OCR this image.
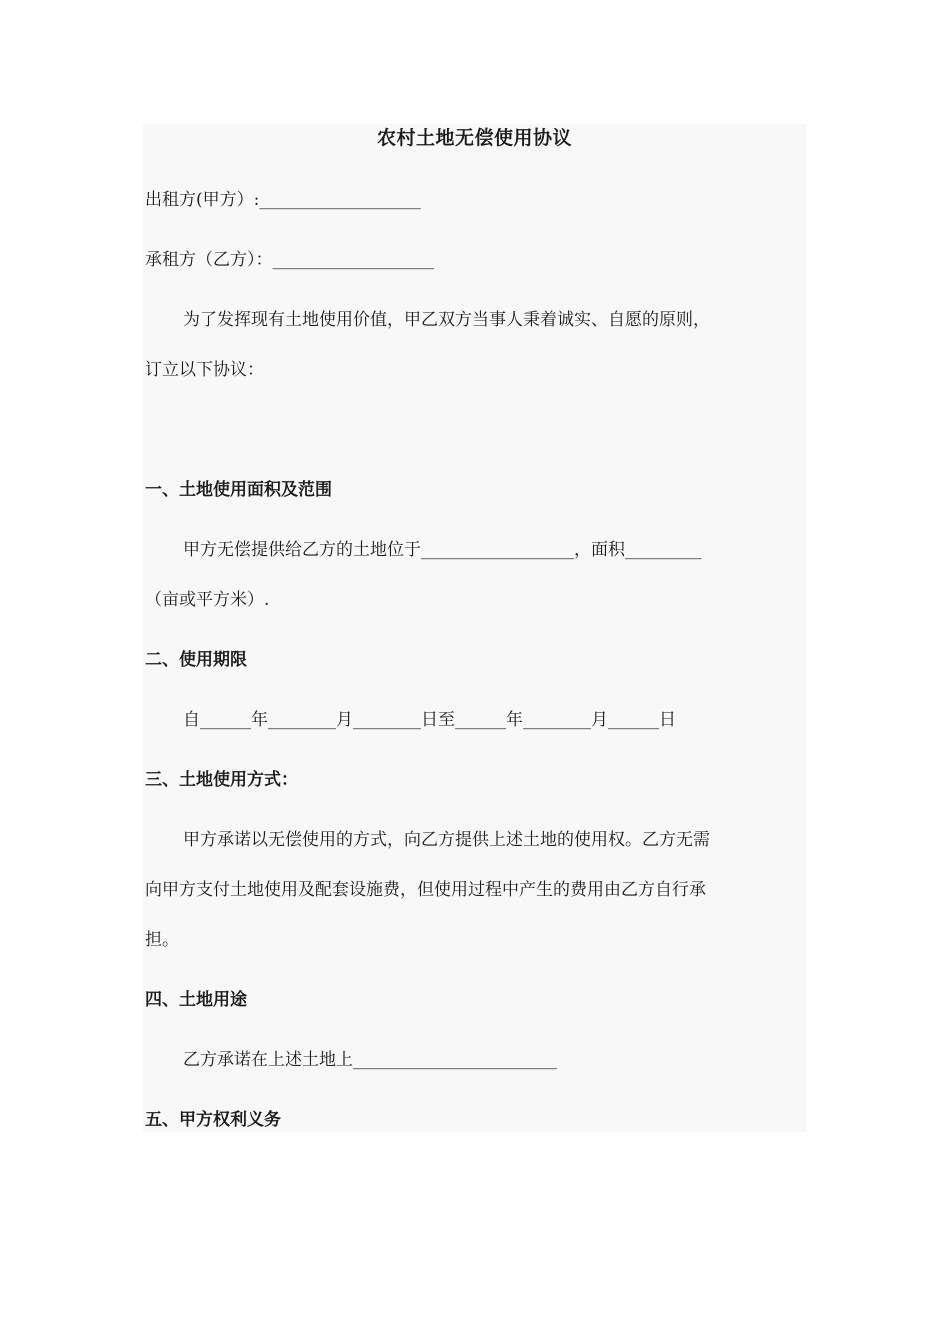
农村土地无偿使用协议
出租方(甲方）:___________________
承租方（乙方）：___________________
为了发挥现有土地使用价值，甲乙双方当事人秉着诚实、自愿的原则，
订立以下协议：
一、土地使用面积及范围
甲方无偿提供给乙方的土地位于__________________，面积_________
（亩或平方米）.
二、使用期限
自______年________月________日至______年________月______日
三、土地使用方式：
甲方承诺以无偿使用的方式，向乙方提供上述土地的使用权。乙方无需
向甲方支付土地使用及配套设施费，但使用过程中产生的费用由乙方自行承
担。
四、土地用途
乙方承诺在上述土地上________________________
五、甲方权利义务
